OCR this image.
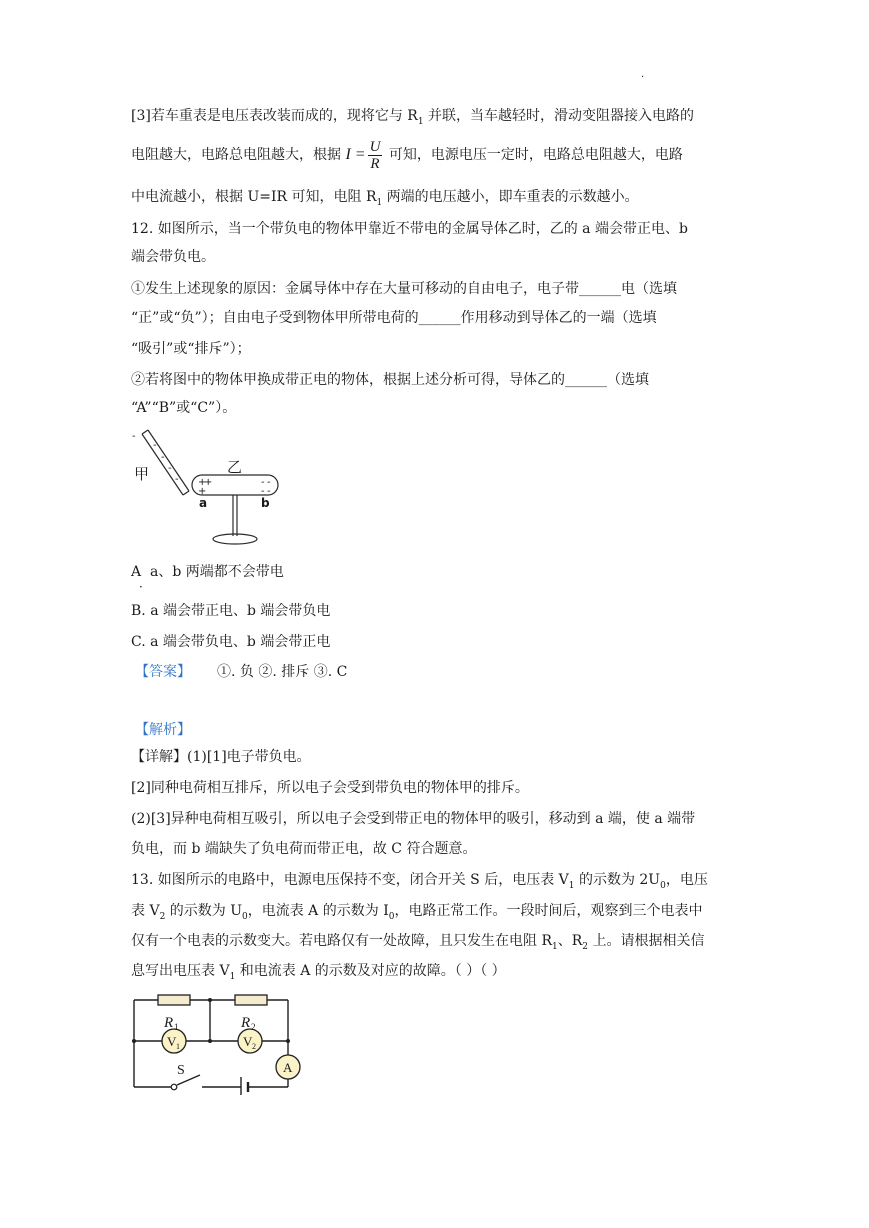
·
[3]若车重表是电压表改装而成的，现将它与 $R_1$ 并联，当车越轻时，滑动变阻器接入电路的
电阻越大，电路总电阻越大，根据 $I = \frac{U}{R}$ 可知，电源电压一定时，电路总电阻越大，电路
中电流越小，根据 U=IR 可知，电阻 $R_1$ 两端的电压越小，即车重表的示数越小。
12. 如图所示，当一个带负电的物体甲靠近不带电的金属导体乙时，乙的 a 端会带正电、b
端会带负电。
①发生上述现象的原因：金属导体中存在大量可移动的自由电子，电子带______电（选填
“正”或“负”）；自由电子受到物体甲所带电荷的______作用移动到导体乙的一端（选填
“吸引”或“排斥”）；
②若将图中的物体甲换成带正电的物体，根据上述分析可得，导体乙的______（选填
“A”“B”或“C”）。
-
-
-
-
- +
+
+
- -
- -
甲	乙
a	b
A a、b 两端都不会带电
·
B. a 端会带正电、b 端会带负电
C. a 端会带负电、b 端会带正电
【答案】 ①. 负 ②. 排斥 ③. C
【解析】
【详解】(1)[1]电子带负电。
[2]同种电荷相互排斥，所以电子会受到带负电的物体甲的排斥。
(2)[3]异种电荷相互吸引，所以电子会受到带正电的物体甲的吸引，移动到 a 端，使 a 端带
负电，而 b 端缺失了负电荷而带正电，故 C 符合题意。
13. 如图所示的电路中，电源电压保持不变，闭合开关 S 后，电压表 $V_1$ 的示数为 $2U_0$，电压
表 $V_2$ 的示数为 $U_0$，电流表 A 的示数为 $I_0$，电路正常工作。一段时间后，观察到三个电表中
仅有一个电表的示数变大。若电路仅有一处故障，且只发生在电阻 $R_1$、$R_2$ 上。请根据相关信
息写出电压表 $V_1$ 和电流表 A 的示数及对应的故障。（ ）（ ）
R 1	R 2
V 1	V 2
A
S
